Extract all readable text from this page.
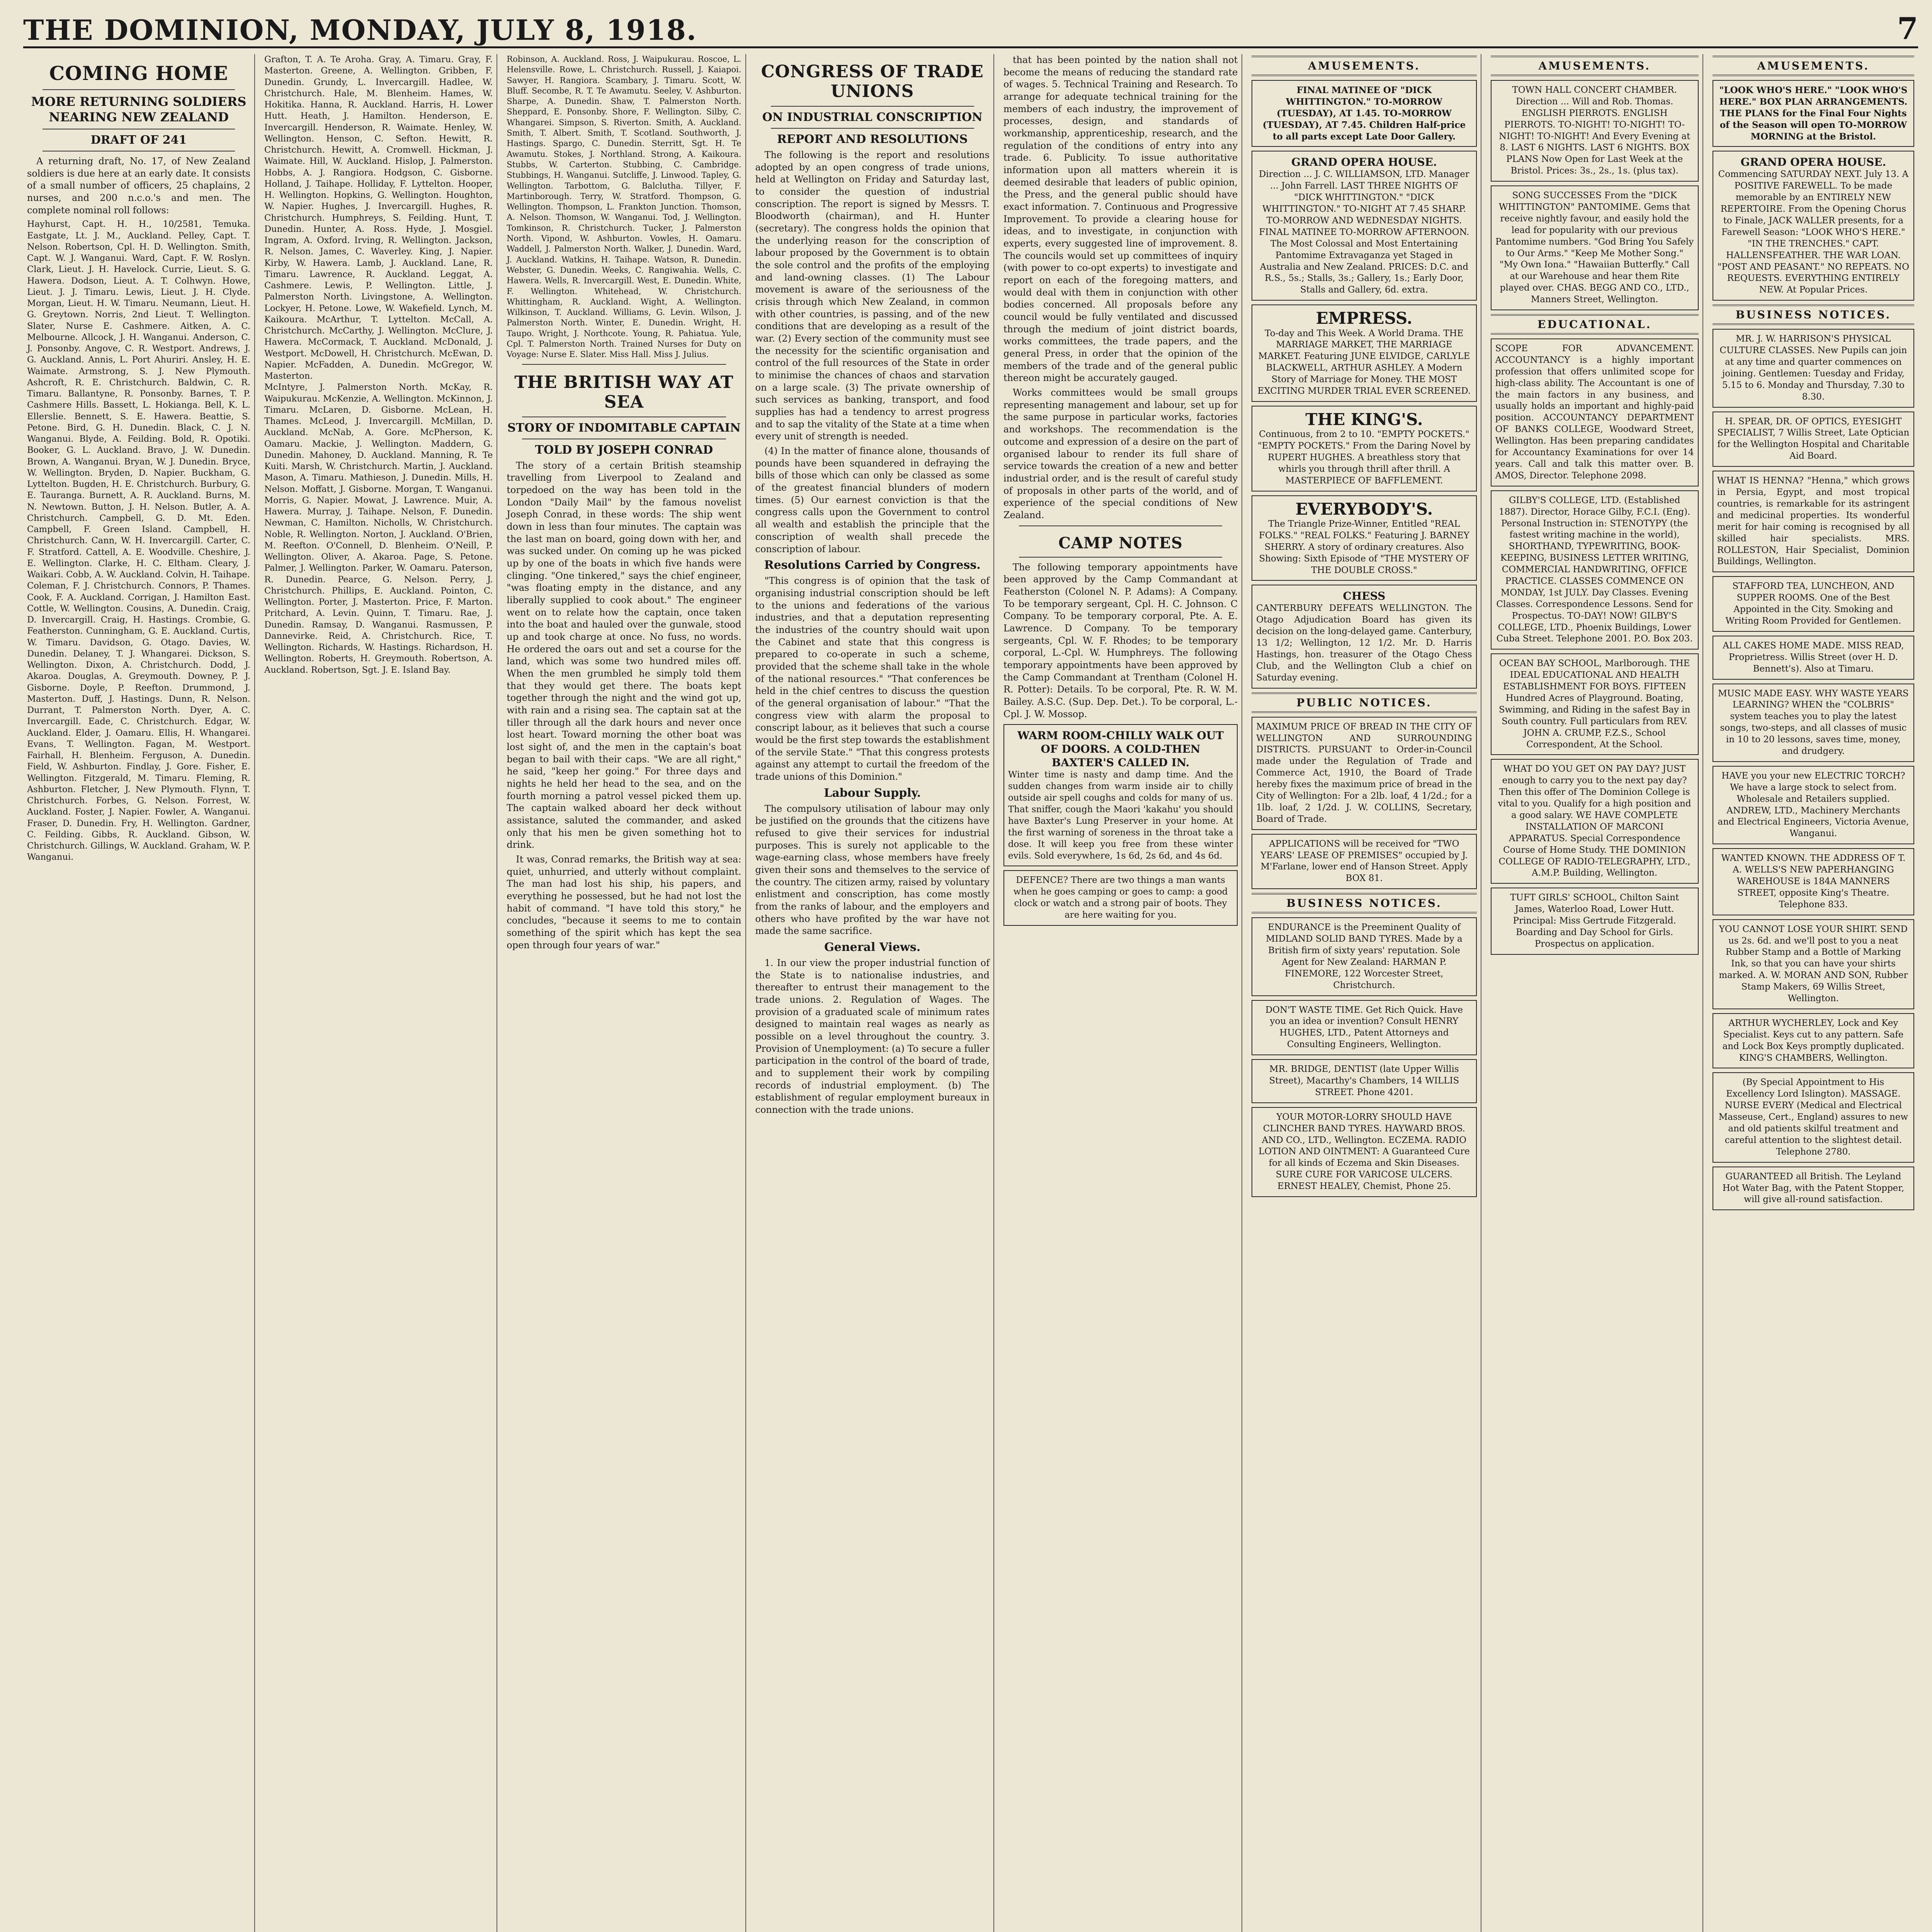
THE DOMINION, MONDAY, JULY 8, 1918.	7
COMING HOME
MORE RETURNING SOLDIERS NEARING NEW ZEALAND
DRAFT OF 241

A returning draft, No. 17, of New Zealand soldiers is due here at an early date. It consists of a small number of officers, 25 chaplains, 2 nurses, and 200 n.c.o.'s and men. The complete nominal roll follows:

Hayhurst, Capt. H. H., 10/2581, Temuka. Eastgate, Lt. J. M., Auckland. Pelley, Capt. T. Nelson. Robertson, Cpl. H. D. Wellington. Smith, Capt. W. J. Wanganui. Ward, Capt. F. W. Roslyn. Clark, Lieut. J. H. Havelock. Currie, Lieut. S. G. Hawera. Dodson, Lieut. A. T. Colhwyn. Howe, Lieut. J. J. Timaru. Lewis, Lieut. J. H. Clyde. Morgan, Lieut. H. W. Timaru. Neumann, Lieut. H. G. Greytown. Norris, 2nd Lieut. T. Wellington. Slater, Nurse E. Cashmere. Aitken, A. C. Melbourne. Allcock, J. H. Wanganui. Anderson, C. J. Ponsonby. Angove, C. R. Westport. Andrews, J. G. Auckland. Annis, L. Port Ahuriri. Ansley, H. E. Waimate. Armstrong, S. J. New Plymouth. Ashcroft, R. E. Christchurch. Baldwin, C. R. Timaru. Ballantyne, R. Ponsonby. Barnes, T. P. Cashmere Hills. Bassett, L. Hokianga. Bell, K. L. Ellerslie. Bennett, S. E. Hawera. Beattie, S. Petone. Bird, G. H. Dunedin. Black, C. J. N. Wanganui. Blyde, A. Feilding. Bold, R. Opotiki. Booker, G. L. Auckland. Bravo, J. W. Dunedin. Brown, A. Wanganui. Bryan, W. J. Dunedin. Bryce, W. Wellington. Bryden, D. Napier. Buckham, G. Lyttelton. Bugden, H. E. Christchurch. Burbury, G. E. Tauranga. Burnett, A. R. Auckland. Burns, M. N. Newtown. Button, J. H. Nelson. Butler, A. A. Christchurch. Campbell, G. D. Mt. Eden. Campbell, F. Green Island. Campbell, H. Christchurch. Cann, W. H. Invercargill. Carter, C. F. Stratford. Cattell, A. E. Woodville. Cheshire, J. E. Wellington. Clarke, H. C. Eltham. Cleary, J. Waikari. Cobb, A. W. Auckland. Colvin, H. Taihape.
Coleman, F. J. Christchurch. Connors, P. Thames. Cook, F. A. Auckland. Corrigan, J. Hamilton East. Cottle, W. Wellington. Cousins, A. Dunedin. Craig, D. Invercargill. Craig, H. Hastings. Crombie, G. Featherston. Cunningham, G. E. Auckland. Curtis, W. Timaru. Davidson, G. Otago. Davies, W. Dunedin. Delaney, T. J. Whangarei. Dickson, S. Wellington. Dixon, A. Christchurch. Dodd, J. Akaroa. Douglas, A. Greymouth. Downey, P. J. Gisborne. Doyle, P. Reefton. Drummond, J. Masterton. Duff, J. Hastings. Dunn, R. Nelson. Durrant, T. Palmerston North. Dyer, A. C. Invercargill. Eade, C. Christchurch. Edgar, W. Auckland. Elder, J. Oamaru. Ellis, H. Whangarei. Evans, T. Wellington. Fagan, M. Westport. Fairhall, H. Blenheim. Ferguson, A. Dunedin. Field, W. Ashburton. Findlay, J. Gore. Fisher, E. Wellington. Fitzgerald, M. Timaru. Fleming, R. Ashburton. Fletcher, J. New Plymouth. Flynn, T. Christchurch. Forbes, G. Nelson. Forrest, W. Auckland. Foster, J. Napier. Fowler, A. Wanganui. Fraser, D. Dunedin. Fry, H. Wellington. Gardner, C. Feilding. Gibbs, R. Auckland. Gibson, W. Christchurch. Gillings, W. Auckland. Graham, W. P. Wanganui.
Grafton, T. A. Te Aroha. Gray, A. Timaru. Gray, F. Masterton. Greene, A. Wellington. Gribben, F. Dunedin. Grundy, L. Invercargill. Hadlee, W. Christchurch. Hale, M. Blenheim. Hames, W. Hokitika. Hanna, R. Auckland. Harris, H. Lower Hutt. Heath, J. Hamilton. Henderson, E. Invercargill. Henderson, R. Waimate. Henley, W. Wellington. Henson, C. Sefton. Hewitt, R. Christchurch. Hewitt, A. Cromwell. Hickman, J. Waimate. Hill, W. Auckland. Hislop, J. Palmerston. Hobbs, A. J. Rangiora. Hodgson, C. Gisborne. Holland, J. Taihape. Holliday, F. Lyttelton. Hooper, H. Wellington. Hopkins, G. Wellington. Houghton, W. Napier. Hughes, J. Invercargill. Hughes, R. Christchurch. Humphreys, S. Feilding. Hunt, T. Dunedin. Hunter, A. Ross. Hyde, J. Mosgiel. Ingram, A. Oxford. Irving, R. Wellington. Jackson, R. Nelson. James, C. Waverley. King, J. Napier. Kirby, W. Hawera. Lamb, J. Auckland. Lane, R. Timaru. Lawrence, R. Auckland. Leggat, A. Cashmere. Lewis, P. Wellington. Little, J. Palmerston North. Livingstone, A. Wellington. Lockyer, H. Petone. Lowe, W. Wakefield. Lynch, M. Kaikoura. McArthur, T. Lyttelton. McCall, A. Christchurch. McCarthy, J. Wellington. McClure, J. Hawera. McCormack, T. Auckland. McDonald, J. Westport. McDowell, H. Christchurch. McEwan, D. Napier. McFadden, A. Dunedin. McGregor, W. Masterton.
McIntyre, J. Palmerston North. McKay, R. Waipukurau. McKenzie, A. Wellington. McKinnon, J. Timaru. McLaren, D. Gisborne. McLean, H. Thames. McLeod, J. Invercargill. McMillan, D. Auckland. McNab, A. Gore. McPherson, K. Oamaru. Mackie, J. Wellington. Maddern, G. Dunedin. Mahoney, D. Auckland. Manning, R. Te Kuiti. Marsh, W. Christchurch. Martin, J. Auckland. Mason, A. Timaru. Mathieson, J. Dunedin. Mills, H. Nelson. Moffatt, J. Gisborne. Morgan, T. Wanganui. Morris, G. Napier. Mowat, J. Lawrence. Muir, A. Hawera. Murray, J. Taihape. Nelson, F. Dunedin. Newman, C. Hamilton. Nicholls, W. Christchurch. Noble, R. Wellington. Norton, J. Auckland. O'Brien, M. Reefton. O'Connell, D. Blenheim. O'Neill, P. Wellington. Oliver, A. Akaroa. Page, S. Petone. Palmer, J. Wellington. Parker, W. Oamaru. Paterson, R. Dunedin. Pearce, G. Nelson. Perry, J. Christchurch. Phillips, E. Auckland. Pointon, C. Wellington. Porter, J. Masterton. Price, F. Marton. Pritchard, A. Levin. Quinn, T. Timaru. Rae, J. Dunedin. Ramsay, D. Wanganui. Rasmussen, P. Dannevirke. Reid, A. Christchurch. Rice, T. Wellington. Richards, W. Hastings. Richardson, H. Wellington. Roberts, H. Greymouth. Robertson, A. Auckland. Robertson, Sgt. J. E. Island Bay.
Robinson, A. Auckland. Ross, J. Waipukurau. Roscoe, L. Helensville. Rowe, L. Christchurch. Russell, J. Kaiapoi. Sawyer, H. Rangiora. Scambary, J. Timaru. Scott, W. Bluff. Secombe, R. T. Te Awamutu. Seeley, V. Ashburton. Sharpe, A. Dunedin. Shaw, T. Palmerston North. Sheppard, E. Ponsonby. Shore, F. Wellington. Silby, C. Whangarei. Simpson, S. Riverton. Smith, A. Auckland. Smith, T. Albert. Smith, T. Scotland. Southworth, J. Hastings. Spargo, C. Dunedin. Sterritt, Sgt. H. Te Awamutu. Stokes, J. Northland. Strong, A. Kaikoura. Stubbs, W. Carterton. Stubbing, C. Cambridge. Stubbings, H. Wanganui. Sutcliffe, J. Linwood. Tapley, G. Wellington. Tarbottom, G. Balclutha. Tillyer, F. Martinborough. Terry, W. Stratford. Thompson, G. Wellington. Thompson, L. Frankton Junction. Thomson, A. Nelson. Thomson, W. Wanganui. Tod, J. Wellington. Tomkinson, R. Christchurch. Tucker, J. Palmerston North. Vipond, W. Ashburton. Vowles, H. Oamaru. Waddell, J. Palmerston North. Walker, J. Dunedin. Ward, J. Auckland. Watkins, H. Taihape. Watson, R. Dunedin. Webster, G. Dunedin. Weeks, C. Rangiwahia. Wells, C. Hawera. Wells, R. Invercargill. West, E. Dunedin. White, F. Wellington. Whitehead, W. Christchurch. Whittingham, R. Auckland. Wight, A. Wellington. Wilkinson, T. Auckland. Williams, G. Levin. Wilson, J. Palmerston North. Winter, E. Dunedin. Wright, H. Taupo. Wright, J. Northcote. Young, R. Pahiatua. Yule, Cpl. T. Palmerston North. Trained Nurses for Duty on Voyage: Nurse E. Slater. Miss Hall. Miss J. Julius.
THE BRITISH WAY AT SEA
STORY OF INDOMITABLE CAPTAIN
TOLD BY JOSEPH CONRAD

The story of a certain British steamship travelling from Liverpool to Zealand and torpedoed on the way has been told in the London "Daily Mail" by the famous novelist Joseph Conrad, in these words: The ship went down in less than four minutes. The captain was the last man on board, going down with her, and was sucked under. On coming up he was picked up by one of the boats in which five hands were clinging. "One tinkered," says the chief engineer, "was floating empty in the distance, and any liberally supplied to cook about." The engineer went on to relate how the captain, once taken into the boat and hauled over the gunwale, stood up and took charge at once. No fuss, no words. He ordered the oars out and set a course for the land, which was some two hundred miles off. When the men grumbled he simply told them that they would get there. The boats kept together through the night and the wind got up, with rain and a rising sea. The captain sat at the tiller through all the dark hours and never once lost heart. Toward morning the other boat was lost sight of, and the men in the captain's boat began to bail with their caps. "We are all right," he said, "keep her going." For three days and nights he held her head to the sea, and on the fourth morning a patrol vessel picked them up. The captain walked aboard her deck without assistance, saluted the commander, and asked only that his men be given something hot to drink.

It was, Conrad remarks, the British way at sea: quiet, unhurried, and utterly without complaint. The man had lost his ship, his papers, and everything he possessed, but he had not lost the habit of command. "I have told this story," he concludes, "because it seems to me to contain something of the spirit which has kept the sea open through four years of war."

CONGRESS OF TRADE UNIONS
ON INDUSTRIAL CONSCRIPTION
REPORT AND RESOLUTIONS

The following is the report and resolutions adopted by an open congress of trade unions, held at Wellington on Friday and Saturday last, to consider the question of industrial conscription. The report is signed by Messrs. T. Bloodworth (chairman), and H. Hunter (secretary). The congress holds the opinion that the underlying reason for the conscription of labour proposed by the Government is to obtain the sole control and the profits of the employing and land-owning classes. (1) The Labour movement is aware of the seriousness of the crisis through which New Zealand, in common with other countries, is passing, and of the new conditions that are developing as a result of the war. (2) Every section of the community must see the necessity for the scientific organisation and control of the full resources of the State in order to minimise the chances of chaos and starvation on a large scale. (3) The private ownership of such services as banking, transport, and food supplies has had a tendency to arrest progress and to sap the vitality of the State at a time when every unit of strength is needed.

(4) In the matter of finance alone, thousands of pounds have been squandered in defraying the bills of those which can only be classed as some of the greatest financial blunders of modern times. (5) Our earnest conviction is that the congress calls upon the Government to control all wealth and establish the principle that the conscription of wealth shall precede the conscription of labour.

Resolutions Carried by Congress.

"This congress is of opinion that the task of organising industrial conscription should be left to the unions and federations of the various industries, and that a deputation representing the industries of the country should wait upon the Cabinet and state that this congress is prepared to co-operate in such a scheme, provided that the scheme shall take in the whole of the national resources." "That conferences be held in the chief centres to discuss the question of the general organisation of labour." "That the congress view with alarm the proposal to conscript labour, as it believes that such a course would be the first step towards the establishment of the servile State." "That this congress protests against any attempt to curtail the freedom of the trade unions of this Dominion."

Labour Supply.

The compulsory utilisation of labour may only be justified on the grounds that the citizens have refused to give their services for industrial purposes. This is surely not applicable to the wage-earning class, whose members have freely given their sons and themselves to the service of the country. The citizen army, raised by voluntary enlistment and conscription, has come mostly from the ranks of labour, and the employers and others who have profited by the war have not made the same sacrifice.

General Views.

1. In our view the proper industrial function of the State is to nationalise industries, and thereafter to entrust their management to the trade unions. 2. Regulation of Wages. The provision of a graduated scale of minimum rates designed to maintain real wages as nearly as possible on a level throughout the country. 3. Provision of Unemployment: (a) To secure a fuller participation in the control of the board of trade, and to supplement their work by compiling records of industrial employment. (b) The establishment of regular employment bureaux in connection with the trade unions.

that has been pointed by the nation shall not become the means of reducing the standard rate of wages. 5. Technical Training and Research. To arrange for adequate technical training for the members of each industry, the improvement of processes, design, and standards of workmanship, apprenticeship, research, and the regulation of the conditions of entry into any trade. 6. Publicity. To issue authoritative information upon all matters wherein it is deemed desirable that leaders of public opinion, the Press, and the general public should have exact information. 7. Continuous and Progressive Improvement. To provide a clearing house for ideas, and to investigate, in conjunction with experts, every suggested line of improvement. 8. The councils would set up committees of inquiry (with power to co-opt experts) to investigate and report on each of the foregoing matters, and would deal with them in conjunction with other bodies concerned. All proposals before any council would be fully ventilated and discussed through the medium of joint district boards, works committees, the trade papers, and the general Press, in order that the opinion of the members of the trade and of the general public thereon might be accurately gauged.

Works committees would be small groups representing management and labour, set up for the same purpose in particular works, factories and workshops. The recommendation is the outcome and expression of a desire on the part of organised labour to render its full share of service towards the creation of a new and better industrial order, and is the result of careful study of proposals in other parts of the world, and of experience of the special conditions of New Zealand.

CAMP NOTES

The following temporary appointments have been approved by the Camp Commandant at Featherston (Colonel N. P. Adams): A Company. To be temporary sergeant, Cpl. H. C. Johnson. C Company. To be temporary corporal, Pte. A. E. Lawrence. D Company. To be temporary sergeants, Cpl. W. F. Rhodes; to be temporary corporal, L.-Cpl. W. Humphreys. The following temporary appointments have been approved by the Camp Commandant at Trentham (Colonel H. R. Potter): Details. To be corporal, Pte. R. W. M. Bailey. A.S.C. (Sup. Dep. Det.). To be corporal, L.-Cpl. J. W. Mossop.

WARM ROOM-CHILLY WALK OUT OF DOORS. A COLD-THEN BAXTER'S CALLED IN.
Winter time is nasty and damp time. And the sudden changes from warm inside air to chilly outside air spell coughs and colds for many of us. That sniffer, cough the Maori 'kakahu' you should have Baxter's Lung Preserver in your home. At the first warning of soreness in the throat take a dose. It will keep you free from these winter evils. Sold everywhere, 1s 6d, 2s 6d, and 4s 6d.
DEFENCE? There are two things a man wants when he goes camping or goes to camp: a good clock or watch and a strong pair of boots. They are here waiting for you.
AMUSEMENTS.
FINAL MATINEE OF "DICK WHITTINGTON." TO-MORROW (TUESDAY), AT 1.45. TO-MORROW (TUESDAY), AT 7.45. Children Half-price to all parts except Late Door Gallery.
GRAND OPERA HOUSE.
Direction ... J. C. WILLIAMSON, LTD. Manager ... John Farrell. LAST THREE NIGHTS OF "DICK WHITTINGTON." "DICK WHITTINGTON." TO-NIGHT AT 7.45 SHARP. TO-MORROW AND WEDNESDAY NIGHTS. FINAL MATINEE TO-MORROW AFTERNOON. The Most Colossal and Most Entertaining Pantomime Extravaganza yet Staged in Australia and New Zealand. PRICES: D.C. and R.S., 5s.; Stalls, 3s.; Gallery, 1s.; Early Door, Stalls and Gallery, 6d. extra.
EMPRESS.
To-day and This Week. A World Drama. THE MARRIAGE MARKET, THE MARRIAGE MARKET. Featuring JUNE ELVIDGE, CARLYLE BLACKWELL, ARTHUR ASHLEY. A Modern Story of Marriage for Money. THE MOST EXCITING MURDER TRIAL EVER SCREENED.
THE KING'S.
Continuous, from 2 to 10. "EMPTY POCKETS." "EMPTY POCKETS." From the Daring Novel by RUPERT HUGHES. A breathless story that whirls you through thrill after thrill. A MASTERPIECE OF BAFFLEMENT.
EVERYBODY'S.
The Triangle Prize-Winner, Entitled "REAL FOLKS." "REAL FOLKS." Featuring J. BARNEY SHERRY. A story of ordinary creatures. Also Showing: Sixth Episode of "THE MYSTERY OF THE DOUBLE CROSS."
CHESS
CANTERBURY DEFEATS WELLINGTON. The Otago Adjudication Board has given its decision on the long-delayed game. Canterbury, 13 1/2; Wellington, 12 1/2. Mr. D. Harris Hastings, hon. treasurer of the Otago Chess Club, and the Wellington Club a chief on Saturday evening.
PUBLIC NOTICES.
MAXIMUM PRICE OF BREAD IN THE CITY OF WELLINGTON AND SURROUNDING DISTRICTS. PURSUANT to Order-in-Council made under the Regulation of Trade and Commerce Act, 1910, the Board of Trade hereby fixes the maximum price of bread in the City of Wellington: For a 2lb. loaf, 4 1/2d.; for a 1lb. loaf, 2 1/2d. J. W. COLLINS, Secretary, Board of Trade.
APPLICATIONS will be received for "TWO YEARS' LEASE OF PREMISES" occupied by J. M'Farlane, lower end of Hanson Street. Apply BOX 81.
BUSINESS NOTICES.
ENDURANCE is the Preeminent Quality of MIDLAND SOLID BAND TYRES. Made by a British firm of sixty years' reputation. Sole Agent for New Zealand: HARMAN P. FINEMORE, 122 Worcester Street, Christchurch.
DON'T WASTE TIME. Get Rich Quick. Have you an idea or invention? Consult HENRY HUGHES, LTD., Patent Attorneys and Consulting Engineers, Wellington.
MR. BRIDGE, DENTIST (late Upper Willis Street), Macarthy's Chambers, 14 WILLIS STREET. Phone 4201.
YOUR MOTOR-LORRY SHOULD HAVE CLINCHER BAND TYRES. HAYWARD BROS. AND CO., LTD., Wellington. ECZEMA. RADIO LOTION AND OINTMENT: A Guaranteed Cure for all kinds of Eczema and Skin Diseases. SURE CURE FOR VARICOSE ULCERS. ERNEST HEALEY, Chemist, Phone 25.
AMUSEMENTS.
TOWN HALL CONCERT CHAMBER. Direction ... Will and Rob. Thomas. ENGLISH PIERROTS. ENGLISH PIERROTS. TO-NIGHT! TO-NIGHT! TO-NIGHT! TO-NIGHT! And Every Evening at 8. LAST 6 NIGHTS. LAST 6 NIGHTS. BOX PLANS Now Open for Last Week at the Bristol. Prices: 3s., 2s., 1s. (plus tax).
SONG SUCCESSES From the "DICK WHITTINGTON" PANTOMIME. Gems that receive nightly favour, and easily hold the lead for popularity with our previous Pantomime numbers. "God Bring You Safely to Our Arms." "Keep Me Mother Song." "My Own Iona." "Hawaiian Butterfly." Call at our Warehouse and hear them Rite played over. CHAS. BEGG AND CO., LTD., Manners Street, Wellington.
EDUCATIONAL.
SCOPE FOR ADVANCEMENT. ACCOUNTANCY is a highly important profession that offers unlimited scope for high-class ability. The Accountant is one of the main factors in any business, and usually holds an important and highly-paid position. ACCOUNTANCY DEPARTMENT OF BANKS COLLEGE, Woodward Street, Wellington. Has been preparing candidates for Accountancy Examinations for over 14 years. Call and talk this matter over. B. AMOS, Director. Telephone 2098.
GILBY'S COLLEGE, LTD. (Established 1887). Director, Horace Gilby, F.C.I. (Eng). Personal Instruction in: STENOTYPY (the fastest writing machine in the world), SHORTHAND, TYPEWRITING, BOOK-KEEPING, BUSINESS LETTER WRITING, COMMERCIAL HANDWRITING, OFFICE PRACTICE. CLASSES COMMENCE ON MONDAY, 1st JULY. Day Classes. Evening Classes. Correspondence Lessons. Send for Prospectus. TO-DAY! NOW! GILBY'S COLLEGE, LTD., Phoenix Buildings, Lower Cuba Street. Telephone 2001. P.O. Box 203.
OCEAN BAY SCHOOL, Marlborough. THE IDEAL EDUCATIONAL AND HEALTH ESTABLISHMENT FOR BOYS. FIFTEEN Hundred Acres of Playground. Boating, Swimming, and Riding in the safest Bay in South country. Full particulars from REV. JOHN A. CRUMP, F.Z.S., School Correspondent, At the School.
WHAT DO YOU GET ON PAY DAY? JUST enough to carry you to the next pay day? Then this offer of The Dominion College is vital to you. Qualify for a high position and a good salary. WE HAVE COMPLETE INSTALLATION OF MARCONI APPARATUS. Special Correspondence Course of Home Study. THE DOMINION COLLEGE OF RADIO-TELEGRAPHY, LTD., A.M.P. Building, Wellington.
TUFT GIRLS' SCHOOL, Chilton Saint James, Waterloo Road, Lower Hutt. Principal: Miss Gertrude Fitzgerald. Boarding and Day School for Girls. Prospectus on application.
AMUSEMENTS.
"LOOK WHO'S HERE." "LOOK WHO'S HERE." BOX PLAN ARRANGEMENTS. THE PLANS for the Final Four Nights of the Season will open TO-MORROW MORNING at the Bristol.
GRAND OPERA HOUSE.
Commencing SATURDAY NEXT. July 13. A POSITIVE FAREWELL. To be made memorable by an ENTIRELY NEW REPERTOIRE. From the Opening Chorus to Finale, JACK WALLER presents, for a Farewell Season: "LOOK WHO'S HERE." "IN THE TRENCHES." CAPT. HALLENSFEATHER. THE WAR LOAN. "POST AND PEASANT." NO REPEATS. NO REQUESTS. EVERYTHING ENTIRELY NEW. At Popular Prices.
BUSINESS NOTICES.
MR. J. W. HARRISON'S PHYSICAL CULTURE CLASSES. New Pupils can join at any time and quarter commences on joining. Gentlemen: Tuesday and Friday, 5.15 to 6. Monday and Thursday, 7.30 to 8.30.
H. SPEAR, DR. OF OPTICS, EYESIGHT SPECIALIST, 7 Willis Street, Late Optician for the Wellington Hospital and Charitable Aid Board.
WHAT IS HENNA? "Henna," which grows in Persia, Egypt, and most tropical countries, is remarkable for its astringent and medicinal properties. Its wonderful merit for hair coming is recognised by all skilled hair specialists. MRS. ROLLESTON, Hair Specialist, Dominion Buildings, Wellington.
STAFFORD TEA, LUNCHEON, AND SUPPER ROOMS. One of the Best Appointed in the City. Smoking and Writing Room Provided for Gentlemen.
ALL CAKES HOME MADE. MISS READ, Proprietress. Willis Street (over H. D. Bennett's). Also at Timaru.
MUSIC MADE EASY. WHY WASTE YEARS LEARNING? WHEN the "COLBRIS" system teaches you to play the latest songs, two-steps, and all classes of music in 10 to 20 lessons, saves time, money, and drudgery.
HAVE you your new ELECTRIC TORCH? We have a large stock to select from. Wholesale and Retailers supplied. ANDREW, LTD., Machinery Merchants and Electrical Engineers, Victoria Avenue, Wanganui.
WANTED KNOWN. THE ADDRESS OF T. A. WELLS'S NEW PAPERHANGING WAREHOUSE is 184A MANNERS STREET, opposite King's Theatre. Telephone 833.
YOU CANNOT LOSE YOUR SHIRT. SEND us 2s. 6d. and we'll post to you a neat Rubber Stamp and a Bottle of Marking Ink, so that you can have your shirts marked. A. W. MORAN AND SON, Rubber Stamp Makers, 69 Willis Street, Wellington.
ARTHUR WYCHERLEY, Lock and Key Specialist. Keys cut to any pattern. Safe and Lock Box Keys promptly duplicated. KING'S CHAMBERS, Wellington.
(By Special Appointment to His Excellency Lord Islington). MASSAGE. NURSE EVERY (Medical and Electrical Masseuse, Cert., England) assures to new and old patients skilful treatment and careful attention to the slightest detail. Telephone 2780.
GUARANTEED all British. The Leyland Hot Water Bag, with the Patent Stopper, will give all-round satisfaction.
